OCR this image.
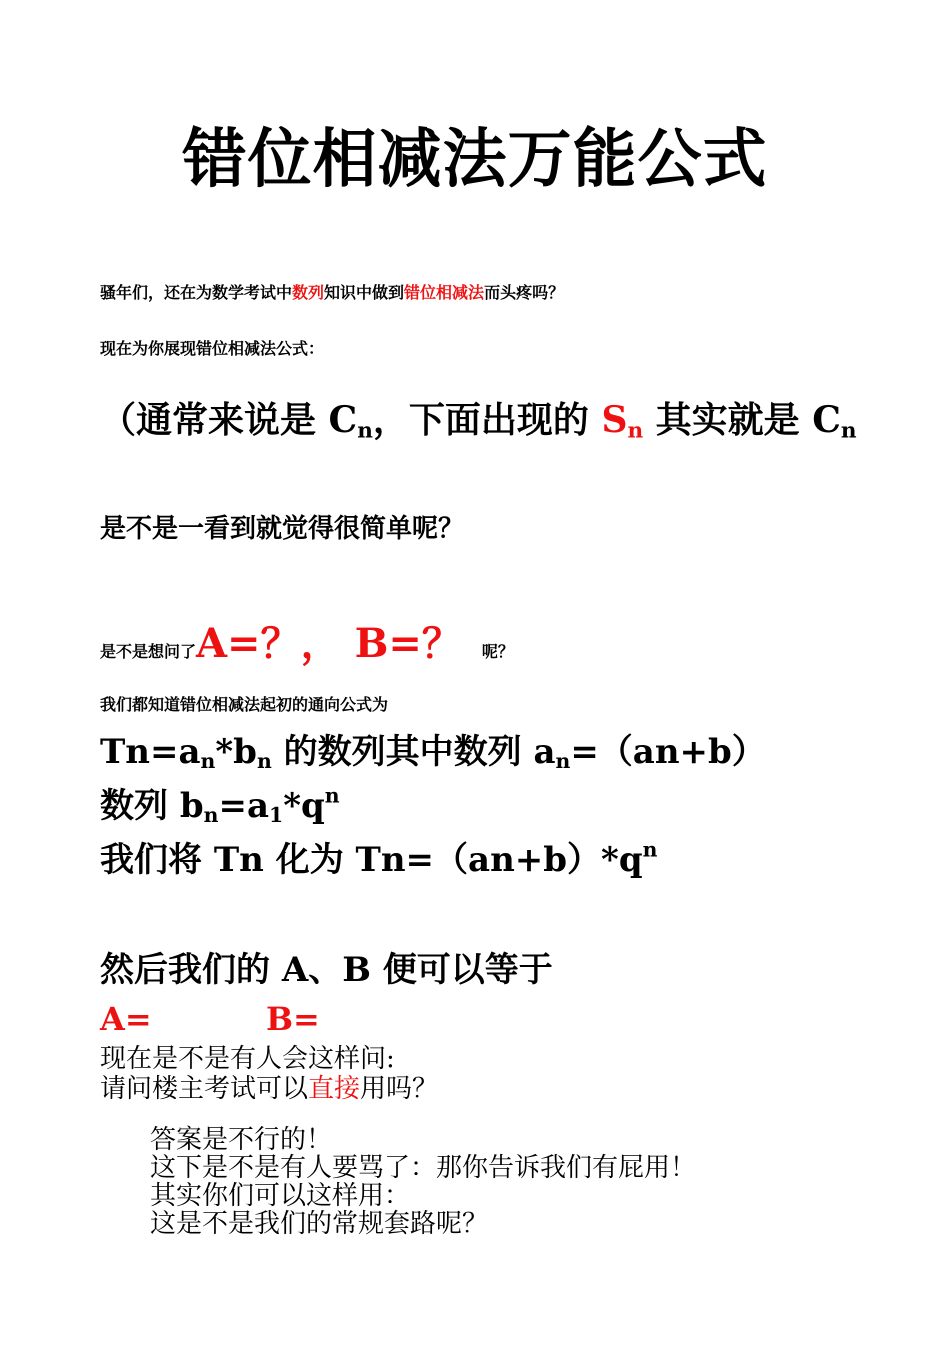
错位相减法万能公式
骚年们，还在为数学考试中数列知识中做到错位相减法而头疼吗？
现在为你展现错位相减法公式：
（通常来说是 $C_n$，下面出现的 $S_n$ 其实就是 $C_n$
是不是一看到就觉得很简单呢？
是不是想问了A=？， B=？ 呢？
我们都知道错位相减法起初的通向公式为
$Tn=a_n*b_n$ 的数列其中数列 $a_n=(an+b)$
数列 $b_n=a_1*q^n$
我们将 Tn 化为 $Tn=(an+b)*q^n$
然后我们的 A、B 便可以等于
A=	B=
现在是不是有人会这样问:
请问楼主考试可以直接用吗？
答案是不行的！
这下是不是有人要骂了：那你告诉我们有屁用！
其实你们可以这样用：
这是不是我们的常规套路呢？
